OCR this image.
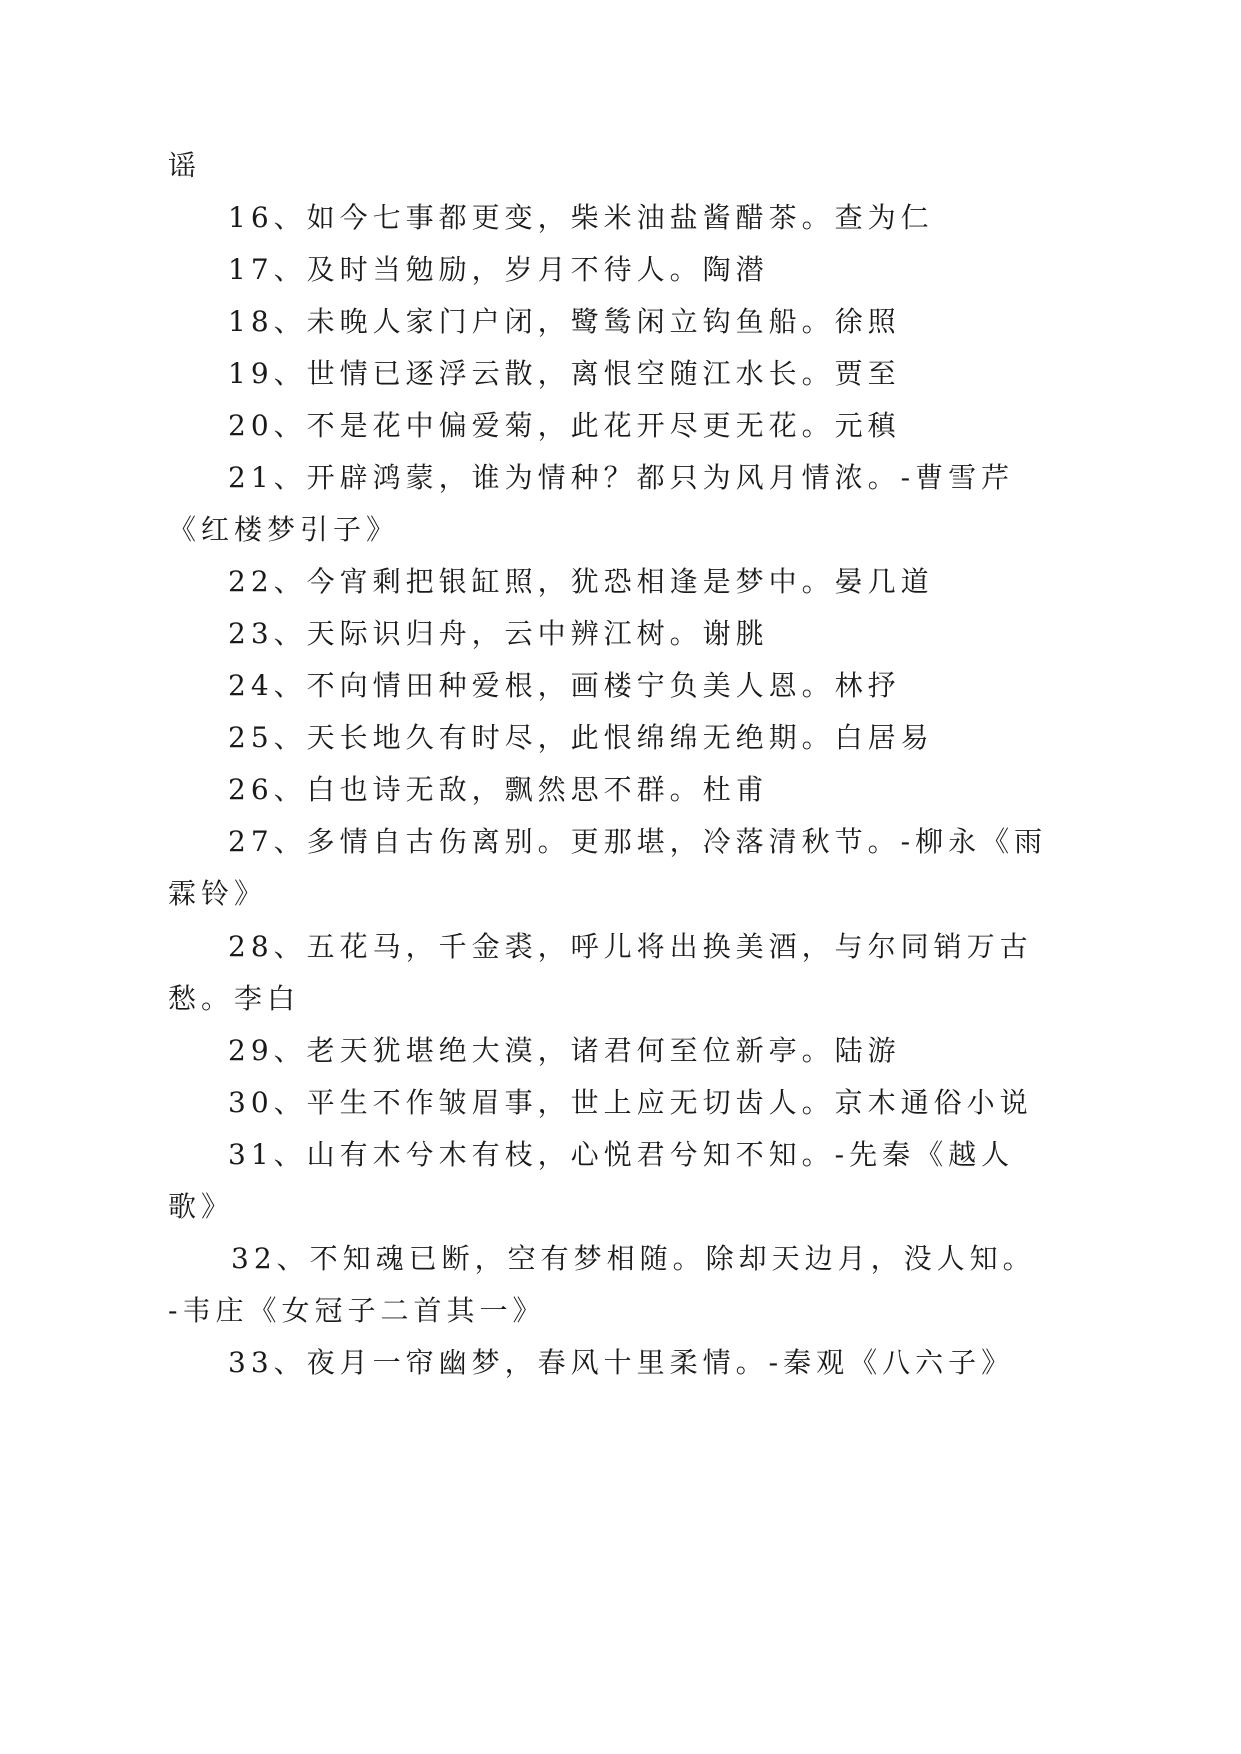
谣
16、如今七事都更变，柴米油盐酱醋茶。查为仁
17、及时当勉励，岁月不待人。陶潜
18、未晚人家门户闭，鹭鸶闲立钩鱼船。徐照
19、世情已逐浮云散，离恨空随江水长。贾至
20、不是花中偏爱菊，此花开尽更无花。元稹
21、开辟鸿蒙，谁为情种？都只为风月情浓。-曹雪芹
《红楼梦引子》
22、今宵剩把银缸照，犹恐相逢是梦中。晏几道
23、天际识归舟，云中辨江树。谢朓
24、不向情田种爱根，画楼宁负美人恩。林抒
25、天长地久有时尽，此恨绵绵无绝期。白居易
26、白也诗无敌，飘然思不群。杜甫
27、多情自古伤离别。更那堪，冷落清秋节。-柳永《雨
霖铃》
28、五花马，千金裘，呼儿将出换美酒，与尔同销万古
愁。李白
29、老天犹堪绝大漠，诸君何至位新亭。陆游
30、平生不作皱眉事，世上应无切齿人。京木通俗小说
31、山有木兮木有枝，心悦君兮知不知。-先秦《越人
歌》
32、不知魂已断，空有梦相随。除却天边月，没人知。
-韦庄《女冠子二首其一》
33、夜月一帘幽梦，春风十里柔情。-秦观《八六子》
